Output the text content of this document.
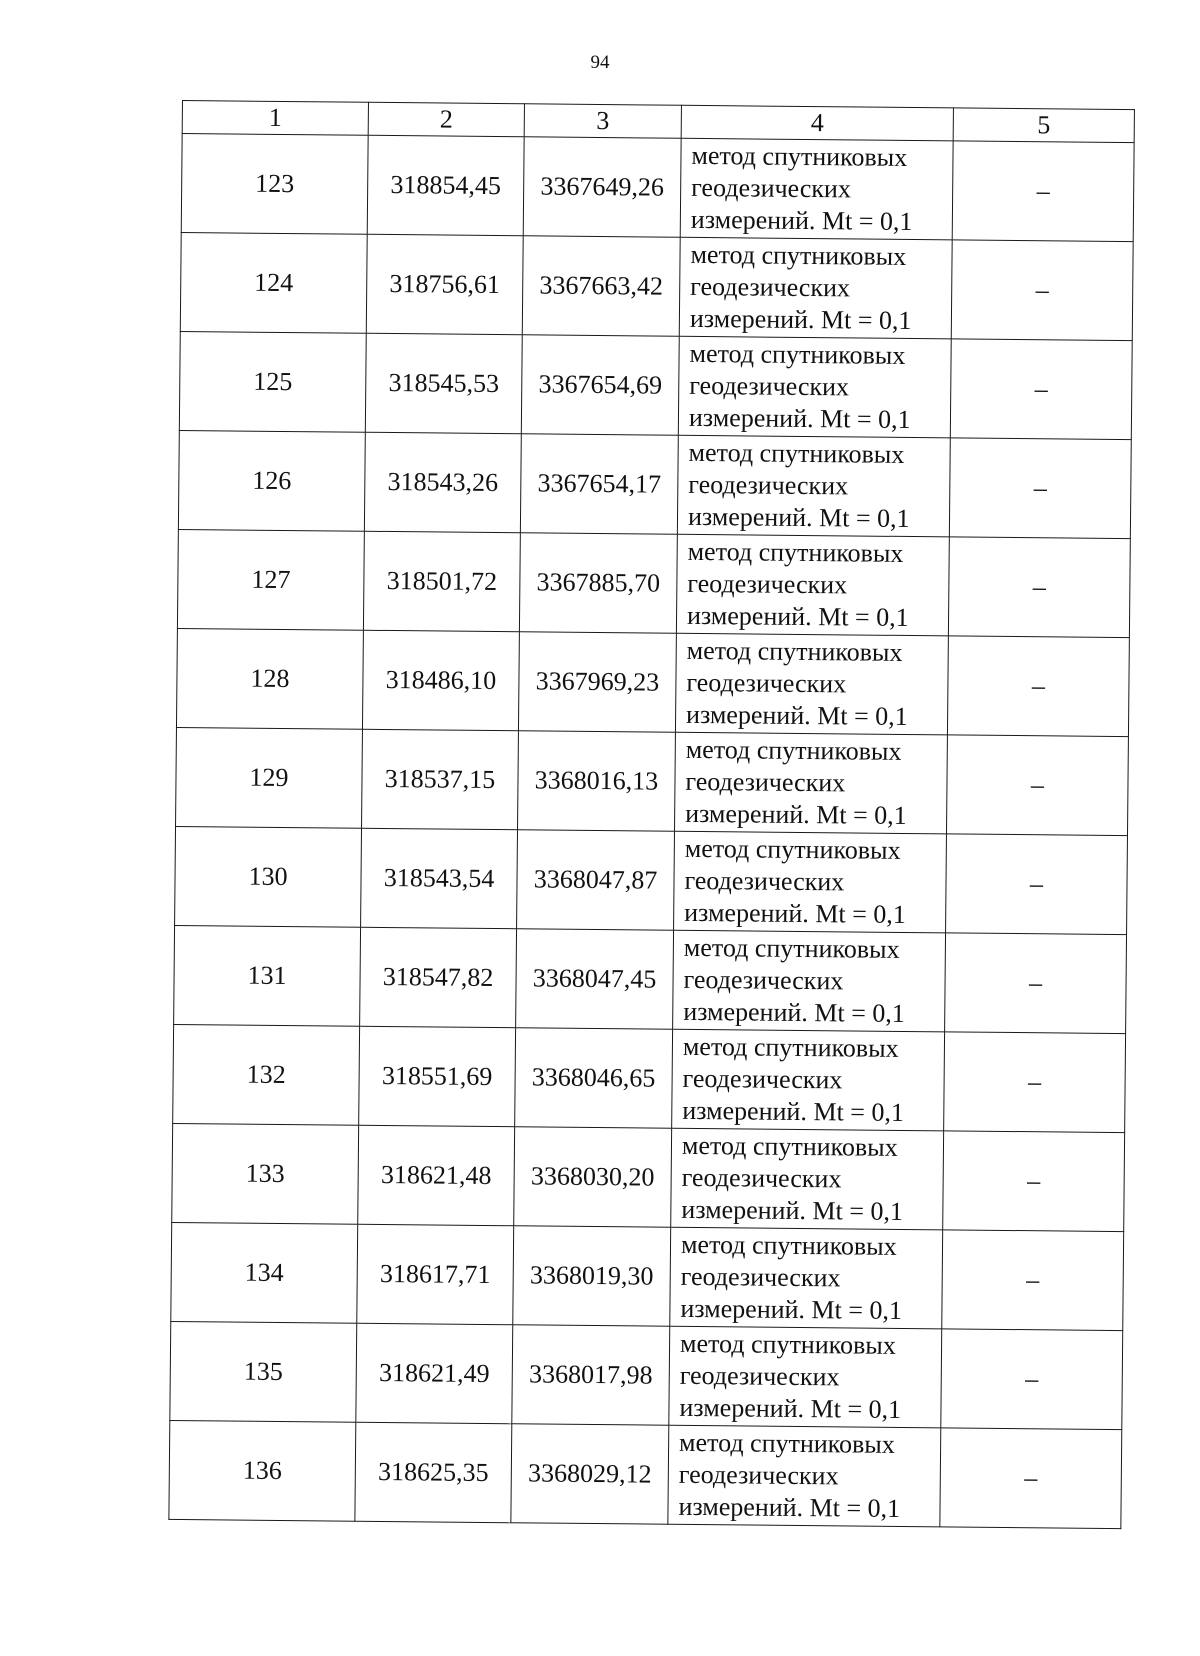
94
1	2	3	4	5
123	318854,45	3367649,26	метод спутниковых
геодезических
измерений. Mt = 0,1	–
124	318756,61	3367663,42	метод спутниковых
геодезических
измерений. Mt = 0,1	–
125	318545,53	3367654,69	метод спутниковых
геодезических
измерений. Mt = 0,1	–
126	318543,26	3367654,17	метод спутниковых
геодезических
измерений. Mt = 0,1	–
127	318501,72	3367885,70	метод спутниковых
геодезических
измерений. Mt = 0,1	–
128	318486,10	3367969,23	метод спутниковых
геодезических
измерений. Mt = 0,1	–
129	318537,15	3368016,13	метод спутниковых
геодезических
измерений. Mt = 0,1	–
130	318543,54	3368047,87	метод спутниковых
геодезических
измерений. Mt = 0,1	–
131	318547,82	3368047,45	метод спутниковых
геодезических
измерений. Mt = 0,1	–
132	318551,69	3368046,65	метод спутниковых
геодезических
измерений. Mt = 0,1	–
133	318621,48	3368030,20	метод спутниковых
геодезических
измерений. Mt = 0,1	–
134	318617,71	3368019,30	метод спутниковых
геодезических
измерений. Mt = 0,1	–
135	318621,49	3368017,98	метод спутниковых
геодезических
измерений. Mt = 0,1	–
136	318625,35	3368029,12	метод спутниковых
геодезических
измерений. Mt = 0,1	–
